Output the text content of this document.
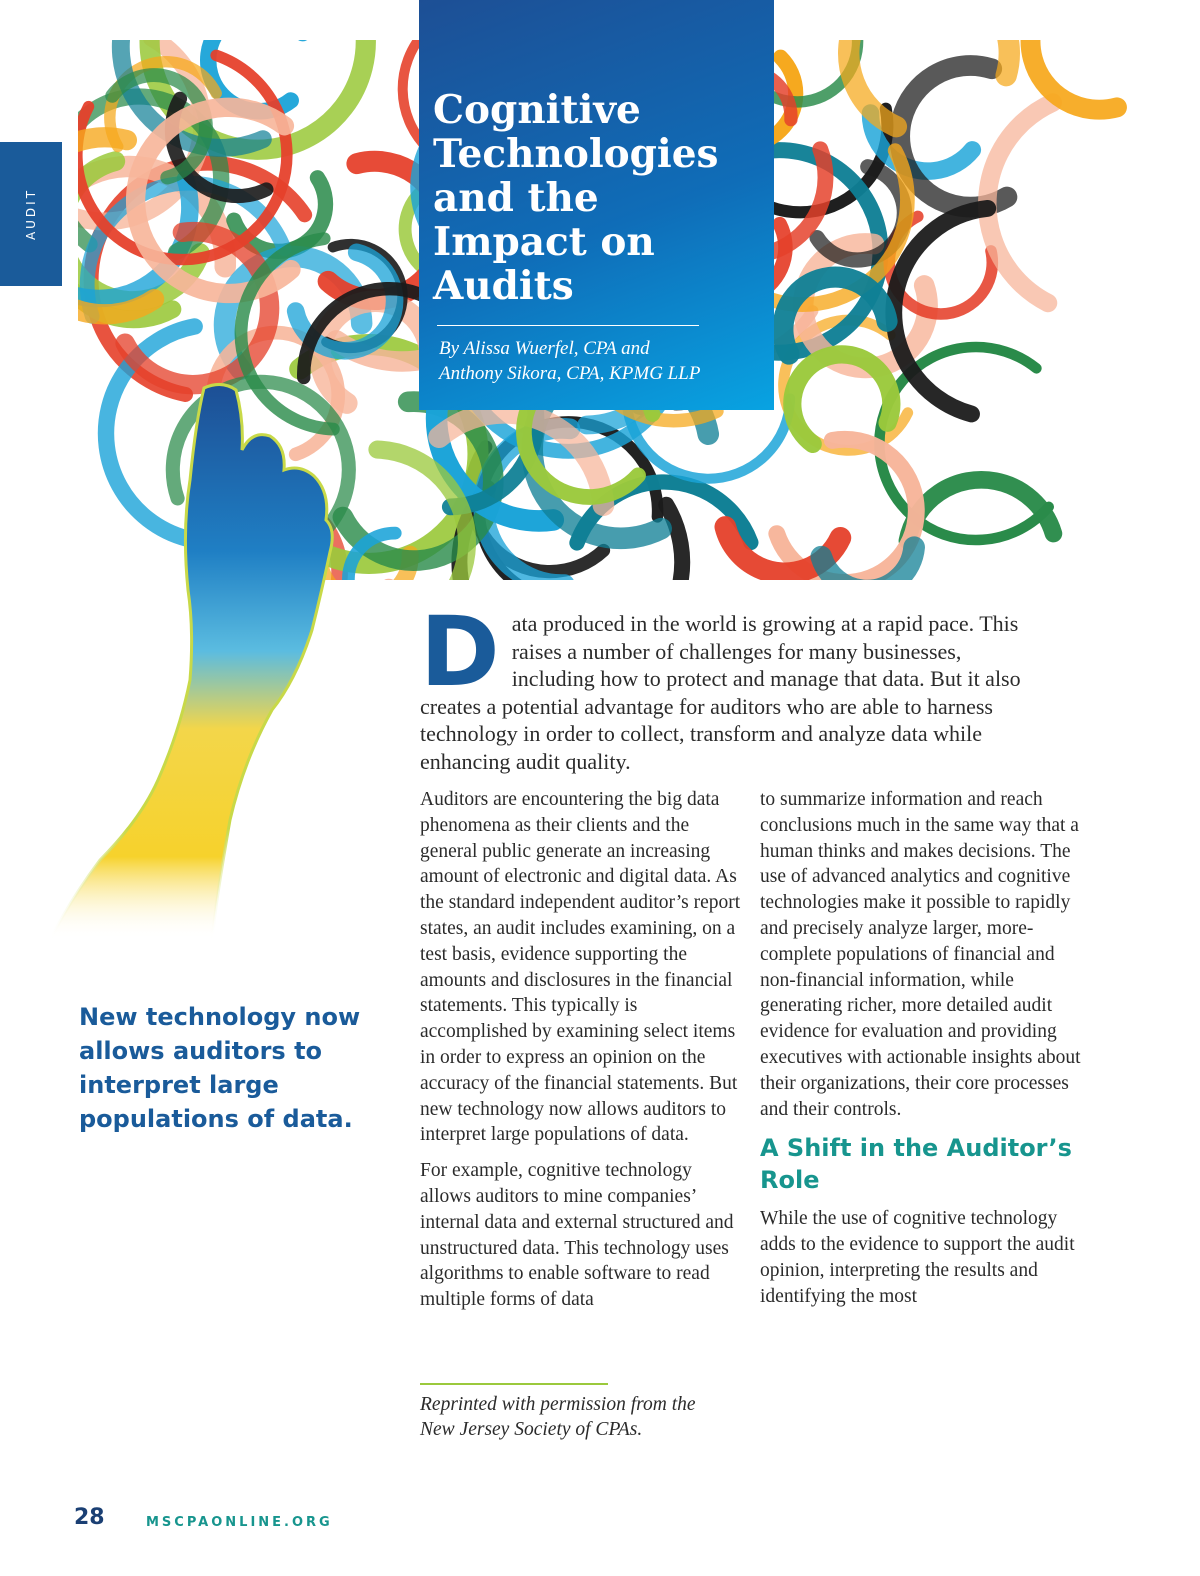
AUDIT
Cognitive Technologies and the Impact on Audits
By Alissa Wuerfel, CPA and
Anthony Sikora, CPA, KPMG LLP
New technology now allows auditors to interpret large populations of data.
D ata produced in the world is growing at a rapid pace. This raises a number of challenges for many businesses, including how to protect and manage that data. But it also creates a potential advantage for auditors who are able to harness technology in order to collect, transform and analyze data while enhancing audit quality.

Auditors are encountering the big data phenomena as their clients and the general public generate an increasing amount of electronic and digital data. As the standard independent auditor’s report states, an audit includes examining, on a test basis, evidence supporting the amounts and disclosures in the financial statements. This typically is accomplished by examining select items in order to express an opinion on the accuracy of the financial statements. But new technology now allows auditors to interpret large populations of data.

For example, cognitive technology allows auditors to mine companies’ internal data and external structured and unstructured data. This technology uses algorithms to enable software to read multiple forms of data

to summarize information and reach conclusions much in the same way that a human thinks and makes decisions. The use of advanced analytics and cognitive technologies make it possible to rapidly and precisely analyze larger, more-complete populations of financial and non-financial information, while generating richer, more detailed audit evidence for evaluation and providing executives with actionable insights about their organizations, their core processes and their controls.

A Shift in the Auditor’s Role

While the use of cognitive technology adds to the evidence to support the audit opinion, interpreting the results and identifying the most

Reprinted with permission from the
New Jersey Society of CPAs.
28	MSCPAONLINE.ORG
